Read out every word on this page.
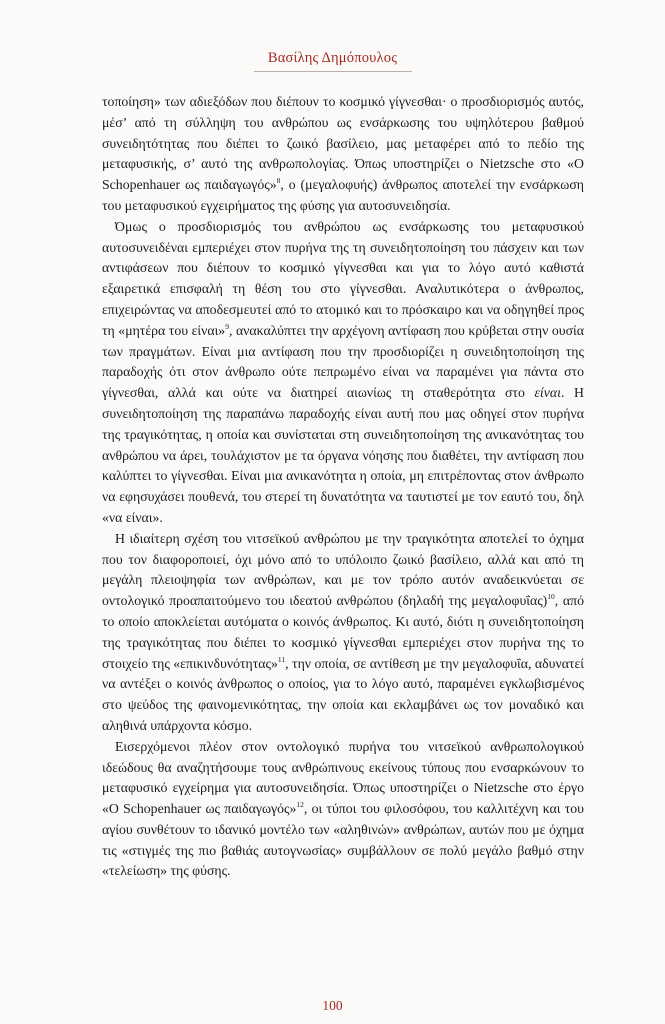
Βασίλης Δημόπουλος

τοποίηση» των αδιεξόδων που διέπουν το κοσμικό γίγνεσθαι· ο προσδιορισμός αυτός, μέσ’ από τη σύλληψη του ανθρώπου ως ενσάρκωσης του υψηλότερου βαθμού συνειδητότητας που διέπει το ζωικό βασίλειο, μας μεταφέρει από το πεδίο της μεταφυσικής, σ’ αυτό της ανθρωπολογίας. Όπως υποστηρίζει ο Nietzsche στο «Ο Schopenhauer ως παιδαγωγός»$^8$, ο (μεγαλοφυής) άνθρωπος αποτελεί την ενσάρκωση του μεταφυσικού εγχειρήματος της φύσης για αυτοσυνειδησία.

Όμως ο προσδιορισμός του ανθρώπου ως ενσάρκωσης του μεταφυσικού αυτοσυνειδέναι εμπεριέχει στον πυρήνα της τη συνειδητοποίηση του πάσχειν και των αντιφάσεων που διέπουν το κοσμικό γίγνεσθαι και για το λόγο αυτό καθιστά εξαιρετικά επισφαλή τη θέση του στο γίγνεσθαι. Αναλυτικότερα ο άνθρωπος, επιχειρώντας να αποδεσμευτεί από το ατομικό και το πρόσκαιρο και να οδηγηθεί προς τη «μητέρα του είναι»$^9$, ανακαλύπτει την αρχέγονη αντίφαση που κρύβεται στην ουσία των πραγμάτων. Είναι μια αντίφαση που την προσδιορίζει η συνειδητοποίηση της παραδοχής ότι στον άνθρωπο ούτε πεπρωμένο είναι να παραμένει για πάντα στο γίγνεσθαι, αλλά και ούτε να διατηρεί αιωνίως τη σταθερότητα στο είναι. Η συνειδητοποίηση της παραπάνω παραδοχής είναι αυτή που μας οδηγεί στον πυρήνα της τραγικότητας, η οποία και συνίσταται στη συνειδητοποίηση της ανικανότητας του ανθρώπου να άρει, τουλάχιστον με τα όργανα νόησης που διαθέτει, την αντίφαση που καλύπτει το γίγνεσθαι. Είναι μια ανικανότητα η οποία, μη επιτρέποντας στον άνθρωπο να εφησυχάσει πουθενά, του στερεί τη δυνατότητα να ταυτιστεί με τον εαυτό του, δηλ «να είναι».

Η ιδιαίτερη σχέση του νιτσεϊκού ανθρώπου με την τραγικότητα αποτελεί το όχημα που τον διαφοροποιεί, όχι μόνο από το υπόλοιπο ζωικό βασίλειο, αλλά και από τη μεγάλη πλειοψηφία των ανθρώπων, και με τον τρόπο αυτόν αναδεικνύεται σε οντολογικό προαπαιτούμενο του ιδεατού ανθρώπου (δηλαδή της μεγαλοφυΐας)$^{10}$, από το οποίο αποκλείεται αυτόματα ο κοινός άνθρωπος. Κι αυτό, διότι η συνειδητοποίηση της τραγικότητας που διέπει το κοσμικό γίγνεσθαι εμπεριέχει στον πυρήνα της το στοιχείο της «επικινδυνότητας»$^{11}$, την οποία, σε αντίθεση με την μεγαλοφυΐα, αδυνατεί να αντέξει ο κοινός άνθρωπος ο οποίος, για το λόγο αυτό, παραμένει εγκλωβισμένος στο ψεύδος της φαινομενικότητας, την οποία και εκλαμβάνει ως τον μοναδικό και αληθινά υπάρχοντα κόσμο.

Εισερχόμενοι πλέον στον οντολογικό πυρήνα του νιτσεϊκού ανθρωπολογικού ιδεώδους θα αναζητήσουμε τους ανθρώπινους εκείνους τύπους που ενσαρκώνουν το μεταφυσικό εγχείρημα για αυτοσυνειδησία. Όπως υποστηρίζει ο Nietzsche στο έργο «Ο Schopenhauer ως παιδαγωγός»$^{12}$, οι τύποι του φιλοσόφου, του καλλιτέχνη και του αγίου συνθέτουν το ιδανικό μοντέλο των «αληθινών» ανθρώπων, αυτών που με όχημα τις «στιγμές της πιο βαθιάς αυτογνωσίας» συμβάλλουν σε πολύ μεγάλο βαθμό στην «τελείωση» της φύσης.

100
